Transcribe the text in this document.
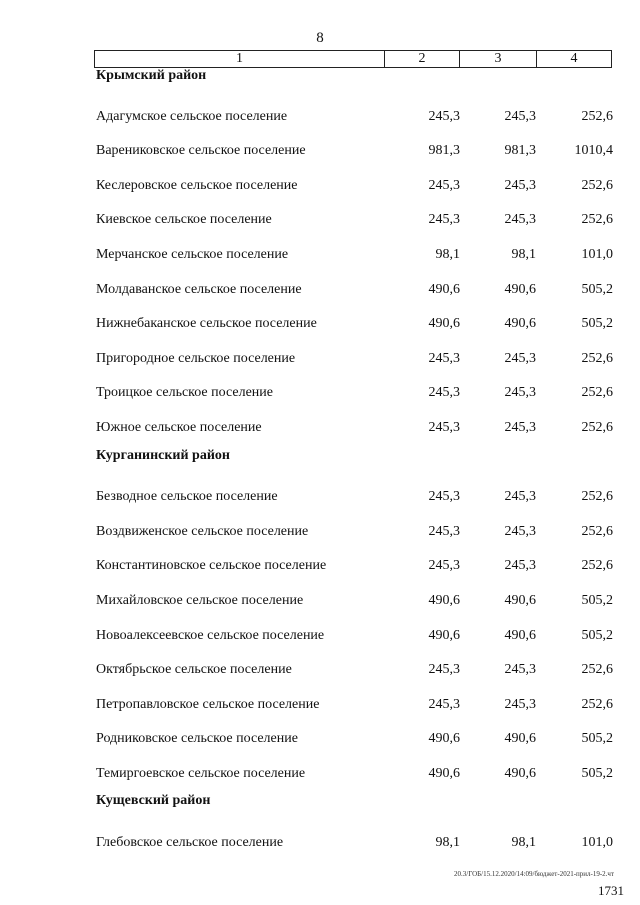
8
1	2	3	4
Крымский район
Адагумское сельское поселение	245,3	245,3	252,6
Варениковское сельское поселение	981,3	981,3	1010,4
Кеслеровское сельское поселение	245,3	245,3	252,6
Киевское сельское поселение	245,3	245,3	252,6
Мерчанское сельское поселение	98,1	98,1	101,0
Молдаванское сельское поселение	490,6	490,6	505,2
Нижнебаканское сельское поселение	490,6	490,6	505,2
Пригородное сельское поселение	245,3	245,3	252,6
Троицкое сельское поселение	245,3	245,3	252,6
Южное сельское поселение	245,3	245,3	252,6
Курганинский район
Безводное сельское поселение	245,3	245,3	252,6
Воздвиженское сельское поселение	245,3	245,3	252,6
Константиновское сельское поселение	245,3	245,3	252,6
Михайловское сельское поселение	490,6	490,6	505,2
Новоалексеевское сельское поселение	490,6	490,6	505,2
Октябрьское сельское поселение	245,3	245,3	252,6
Петропавловское сельское поселение	245,3	245,3	252,6
Родниковское сельское поселение	490,6	490,6	505,2
Темиргоевское сельское поселение	490,6	490,6	505,2
Кущевский район
Глебовское сельское поселение	98,1	98,1	101,0
20.3/ГОБ/15.12.2020/14:09/бюджет-2021-прил-19-2.чт
1731
